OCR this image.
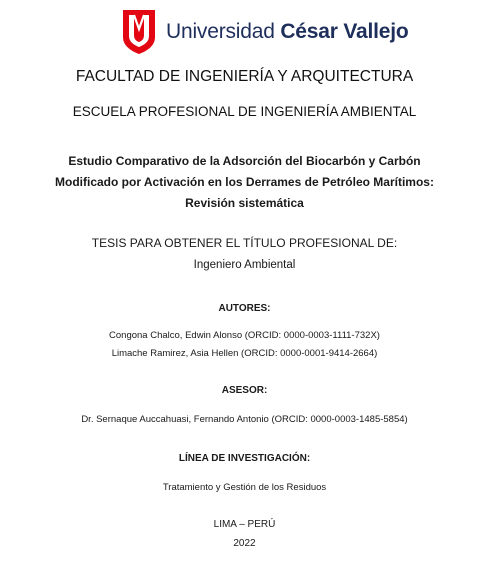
Universidad César Vallejo
FACULTAD DE INGENIERÍA Y ARQUITECTURA
ESCUELA PROFESIONAL DE INGENIERÍA AMBIENTAL
Estudio Comparativo de la Adsorción del Biocarbón y Carbón
Modificado por Activación en los Derrames de Petróleo Marítimos:
Revisión sistemática
TESIS PARA OBTENER EL TÍTULO PROFESIONAL DE:
Ingeniero Ambiental
AUTORES:
Congona Chalco, Edwin Alonso (ORCID: 0000-0003-1111-732X)
Limache Ramirez, Asia Hellen (ORCID: 0000-0001-9414-2664)
ASESOR:
Dr. Sernaque Auccahuasi, Fernando Antonio (ORCID: 0000-0003-1485-5854)
LÍNEA DE INVESTIGACIÓN:
Tratamiento y Gestión de los Residuos
LIMA – PERÚ
2022
